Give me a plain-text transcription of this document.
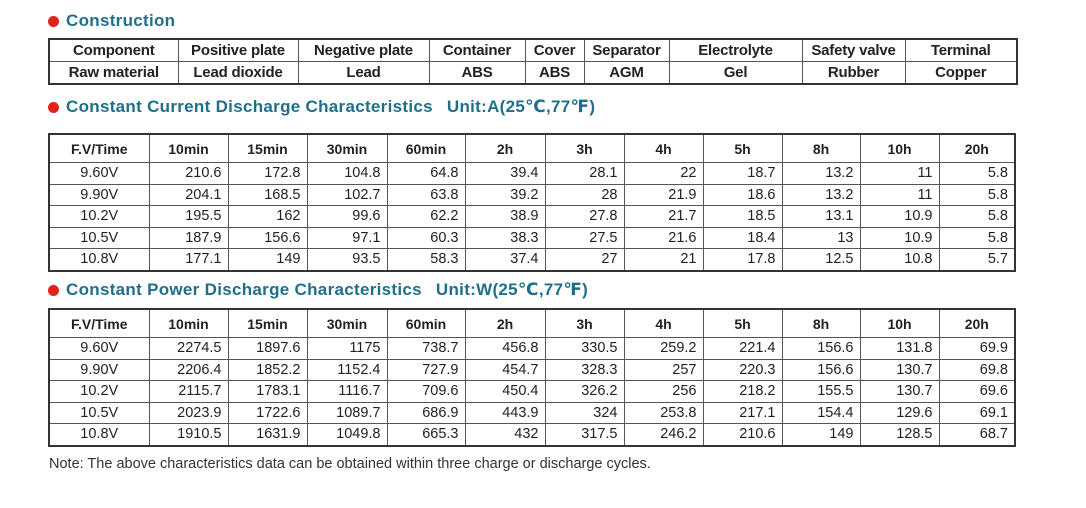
Construction
Component	Positive plate	Negative plate	Container	Cover	Separator	Electrolyte	Safety valve	Terminal
Raw material	Lead dioxide	Lead	ABS	ABS	AGM	Gel	Rubber	Copper
Constant Current Discharge Characteristics Unit:A(25℃,77℉)
F.V/Time	10min	15min	30min	60min	2h	3h	4h	5h	8h	10h	20h
9.60V	210.6	172.8	104.8	64.8	39.4	28.1	22	18.7	13.2	11	5.8
9.90V	204.1	168.5	102.7	63.8	39.2	28	21.9	18.6	13.2	11	5.8
10.2V	195.5	162	99.6	62.2	38.9	27.8	21.7	18.5	13.1	10.9	5.8
10.5V	187.9	156.6	97.1	60.3	38.3	27.5	21.6	18.4	13	10.9	5.8
10.8V	177.1	149	93.5	58.3	37.4	27	21	17.8	12.5	10.8	5.7
Constant Power Discharge Characteristics Unit:W(25℃,77℉)
F.V/Time	10min	15min	30min	60min	2h	3h	4h	5h	8h	10h	20h
9.60V	2274.5	1897.6	1175	738.7	456.8	330.5	259.2	221.4	156.6	131.8	69.9
9.90V	2206.4	1852.2	1152.4	727.9	454.7	328.3	257	220.3	156.6	130.7	69.8
10.2V	2115.7	1783.1	1116.7	709.6	450.4	326.2	256	218.2	155.5	130.7	69.6
10.5V	2023.9	1722.6	1089.7	686.9	443.9	324	253.8	217.1	154.4	129.6	69.1
10.8V	1910.5	1631.9	1049.8	665.3	432	317.5	246.2	210.6	149	128.5	68.7
Note: The above characteristics data can be obtained within three charge or discharge cycles.
